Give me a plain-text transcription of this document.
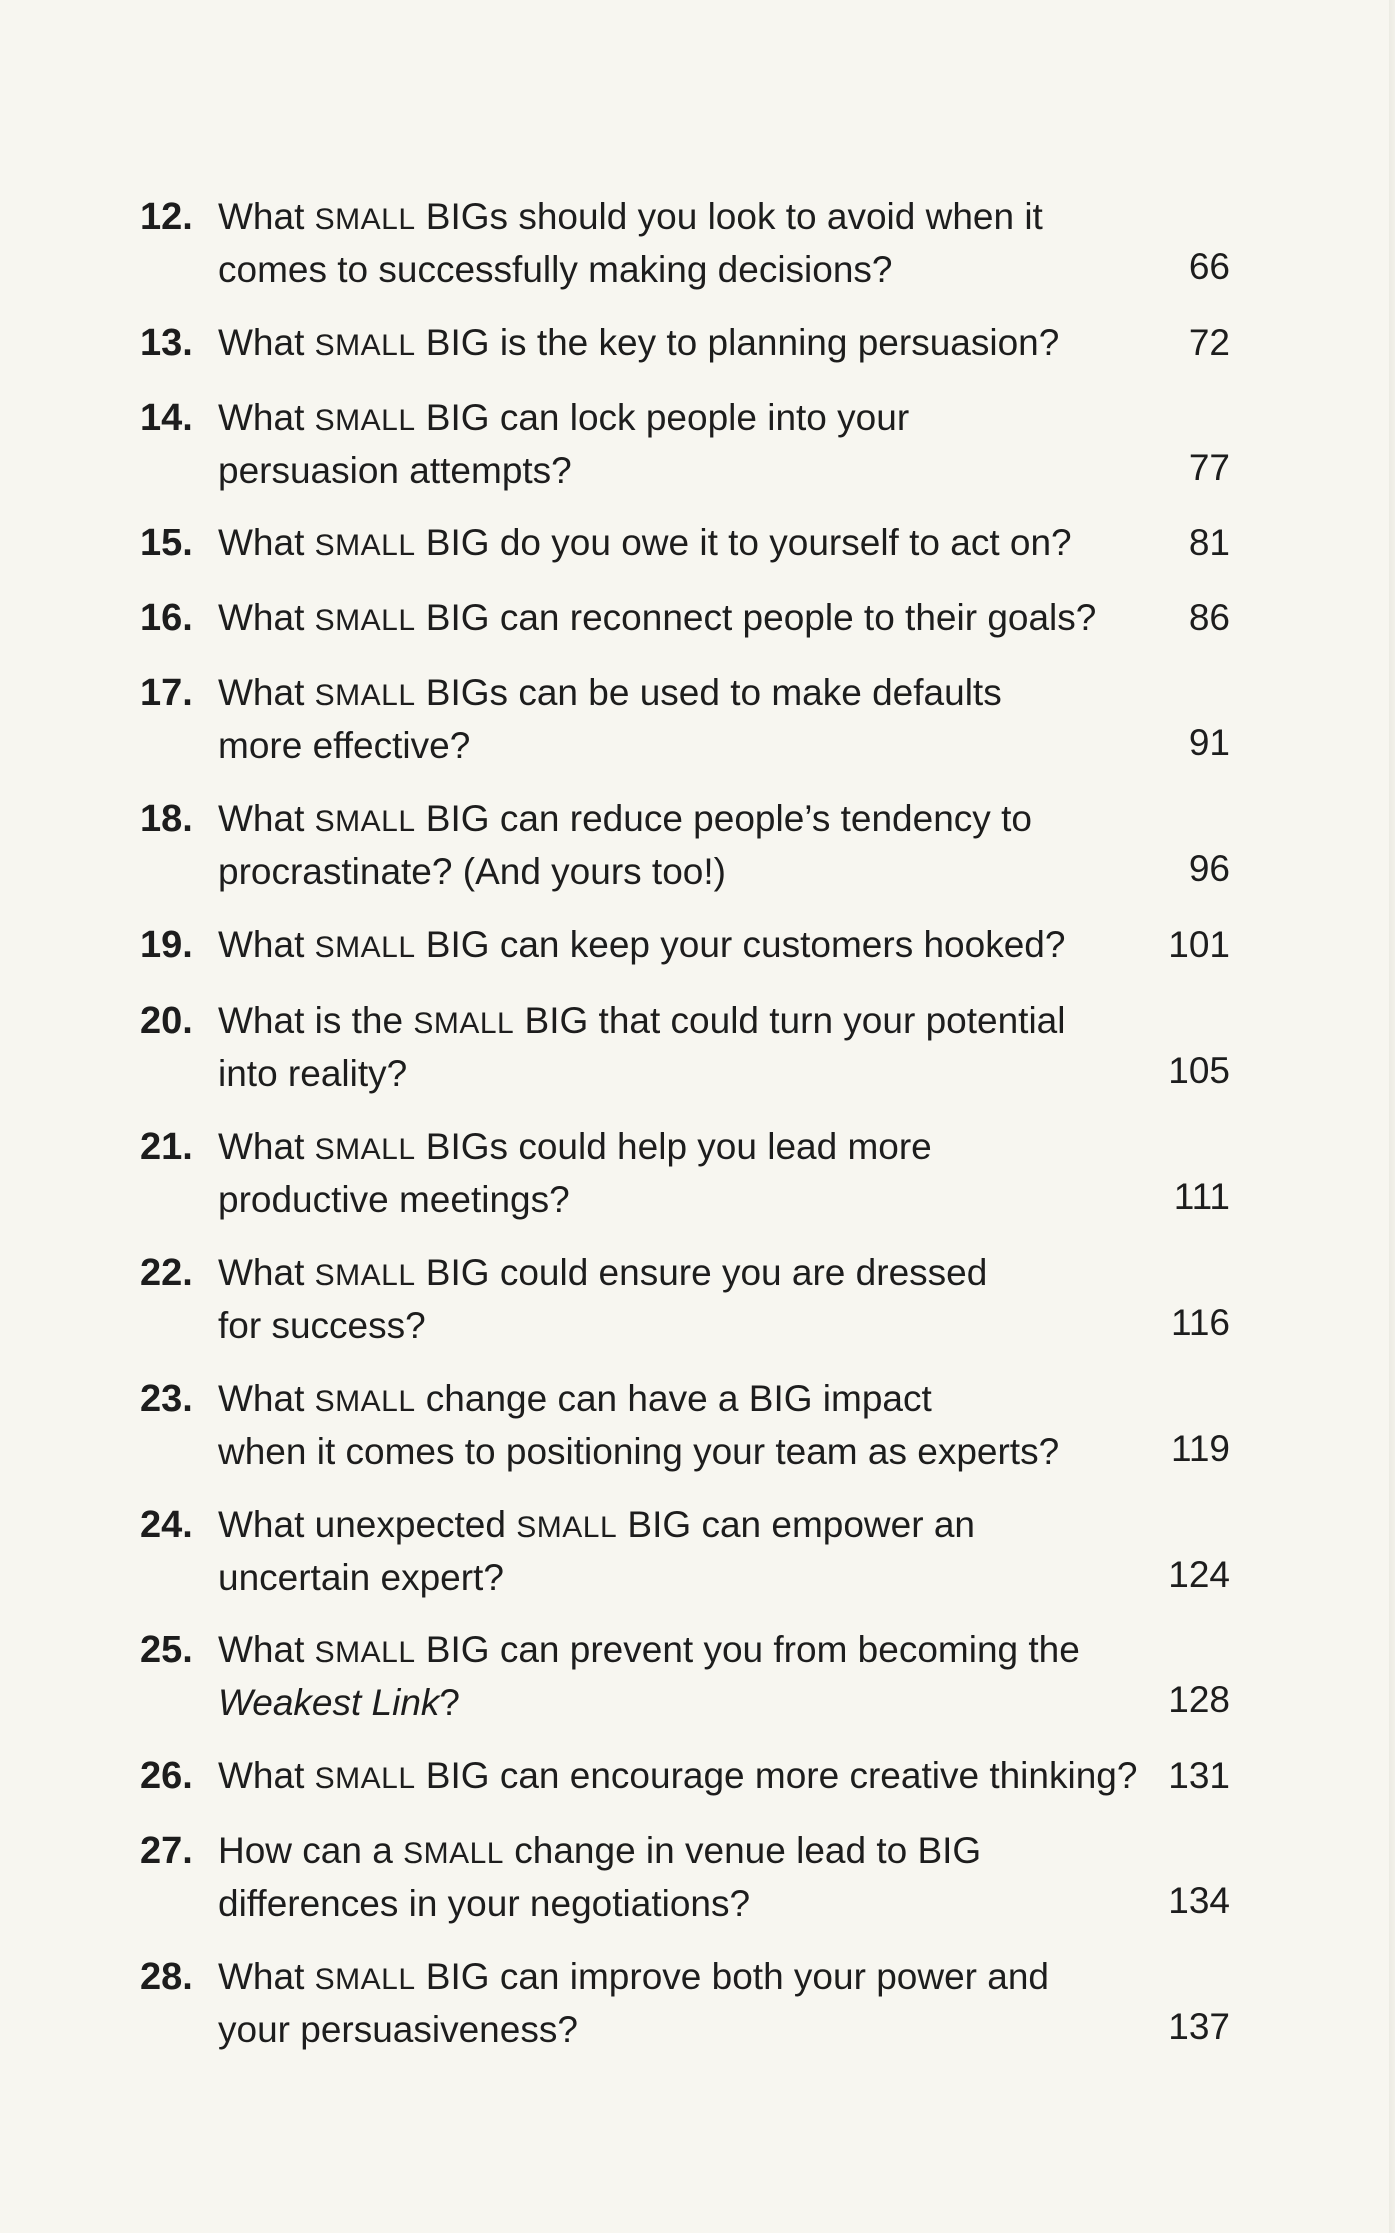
12. What SMALL BIGs should you look to avoid when it
comes to successfully making decisions?	66
13. What SMALL BIG is the key to planning persuasion?	72
14. What SMALL BIG can lock people into your
persuasion attempts?	77
15. What SMALL BIG do you owe it to yourself to act on?	81
16. What SMALL BIG can reconnect people to their goals?	86
17. What SMALL BIGs can be used to make defaults
more effective?	91
18. What SMALL BIG can reduce people’s tendency to
procrastinate? (And yours too!)	96
19. What SMALL BIG can keep your customers hooked?	101
20. What is the SMALL BIG that could turn your potential
into reality?	105
21. What SMALL BIGs could help you lead more
productive meetings?	111
22. What SMALL BIG could ensure you are dressed
for success?	116
23. What SMALL change can have a BIG impact
when it comes to positioning your team as experts?	119
24. What unexpected SMALL BIG can empower an
uncertain expert?	124
25. What SMALL BIG can prevent you from becoming the
Weakest Link?	128
26. What SMALL BIG can encourage more creative thinking? 131
27. How can a SMALL change in venue lead to BIG
differences in your negotiations?	134
28. What SMALL BIG can improve both your power and
your persuasiveness?	137
